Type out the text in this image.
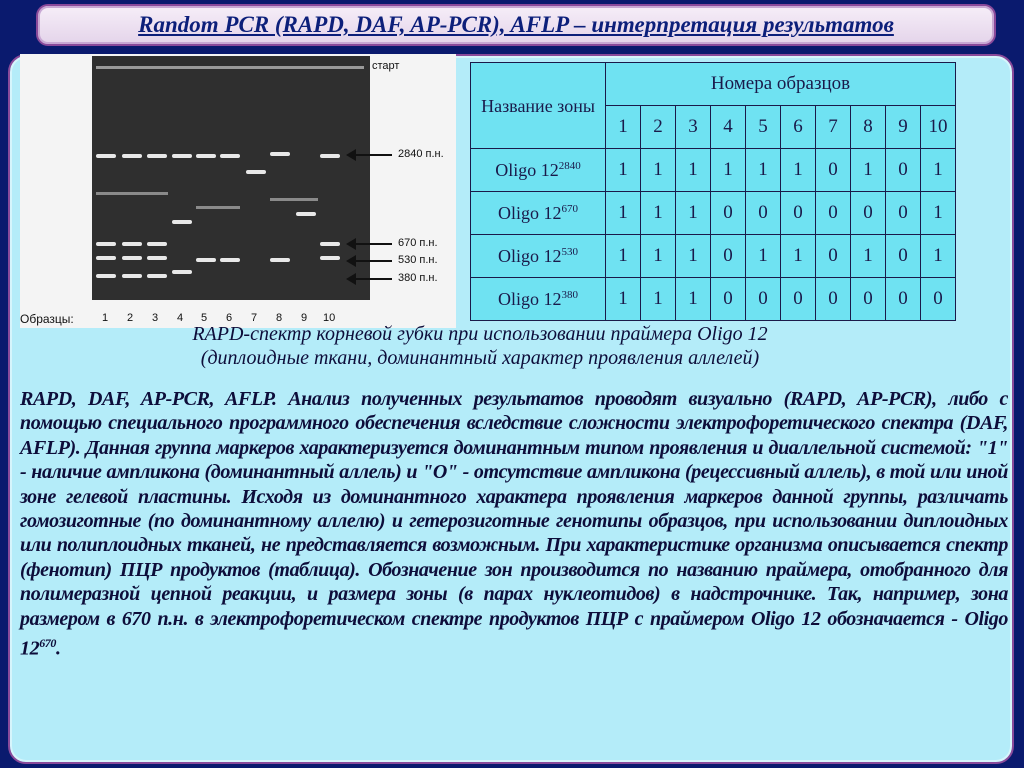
Random PCR (RAPD, DAF, AP-PCR), AFLP – интерпретация результатов
старт
2840 п.н.
670 п.н.
530 п.н.
380 п.н.
Образцы:	1 2 3 4 5 6 7 8 9 10
Название зоны	Номера образцов									
	1	2	3	4	5	6	7	8	9	10
Oligo $12^{2840}$	1	1	1	1	1	1	0	1	0	1
Oligo $12^{670}$	1	1	1	0	0	0	0	0	0	1
Oligo $12^{530}$	1	1	1	0	1	1	0	1	0	1
Oligo $12^{380}$	1	1	1	0	0	0	0	0	0	0
RAPD-спектр корневой губки при использовании праймера Oligo 12
(диплоидные ткани, доминантный характер проявления аллелей)
RAPD, DAF, AP-PCR, AFLP. Анализ полученных результатов проводят визуально (RAPD, AP-PCR), либо с помощью специального программного обеспечения вследствие сложности электрофоретического спектра (DAF, AFLP). Данная группа маркеров характеризуется доминантным типом проявления и диаллельной системой: "1" - наличие ампликона (доминантный аллель) и "О" - отсутствие ампликона (рецессивный аллель), в той или иной зоне гелевой пластины. Исходя из доминантного характера проявления маркеров данной группы, различать гомозиготные (по доминантному аллелю) и гетерозиготные генотипы образцов, при использовании диплоидных или полиплоидных тканей, не представляется возможным. При характеристике организма описывается спектр (фенотип) ПЦР продуктов (таблица). Обозначение зон производится по названию праймера, отобранного для полимеразной цепной реакции, и размера зоны (в парах нуклеотидов) в надстрочнике. Так, например, зона размером в 670 п.н. в электрофоретическом спектре продуктов ПЦР с праймером Oligo 12 обозначается - Oligo $12^{670}$.
